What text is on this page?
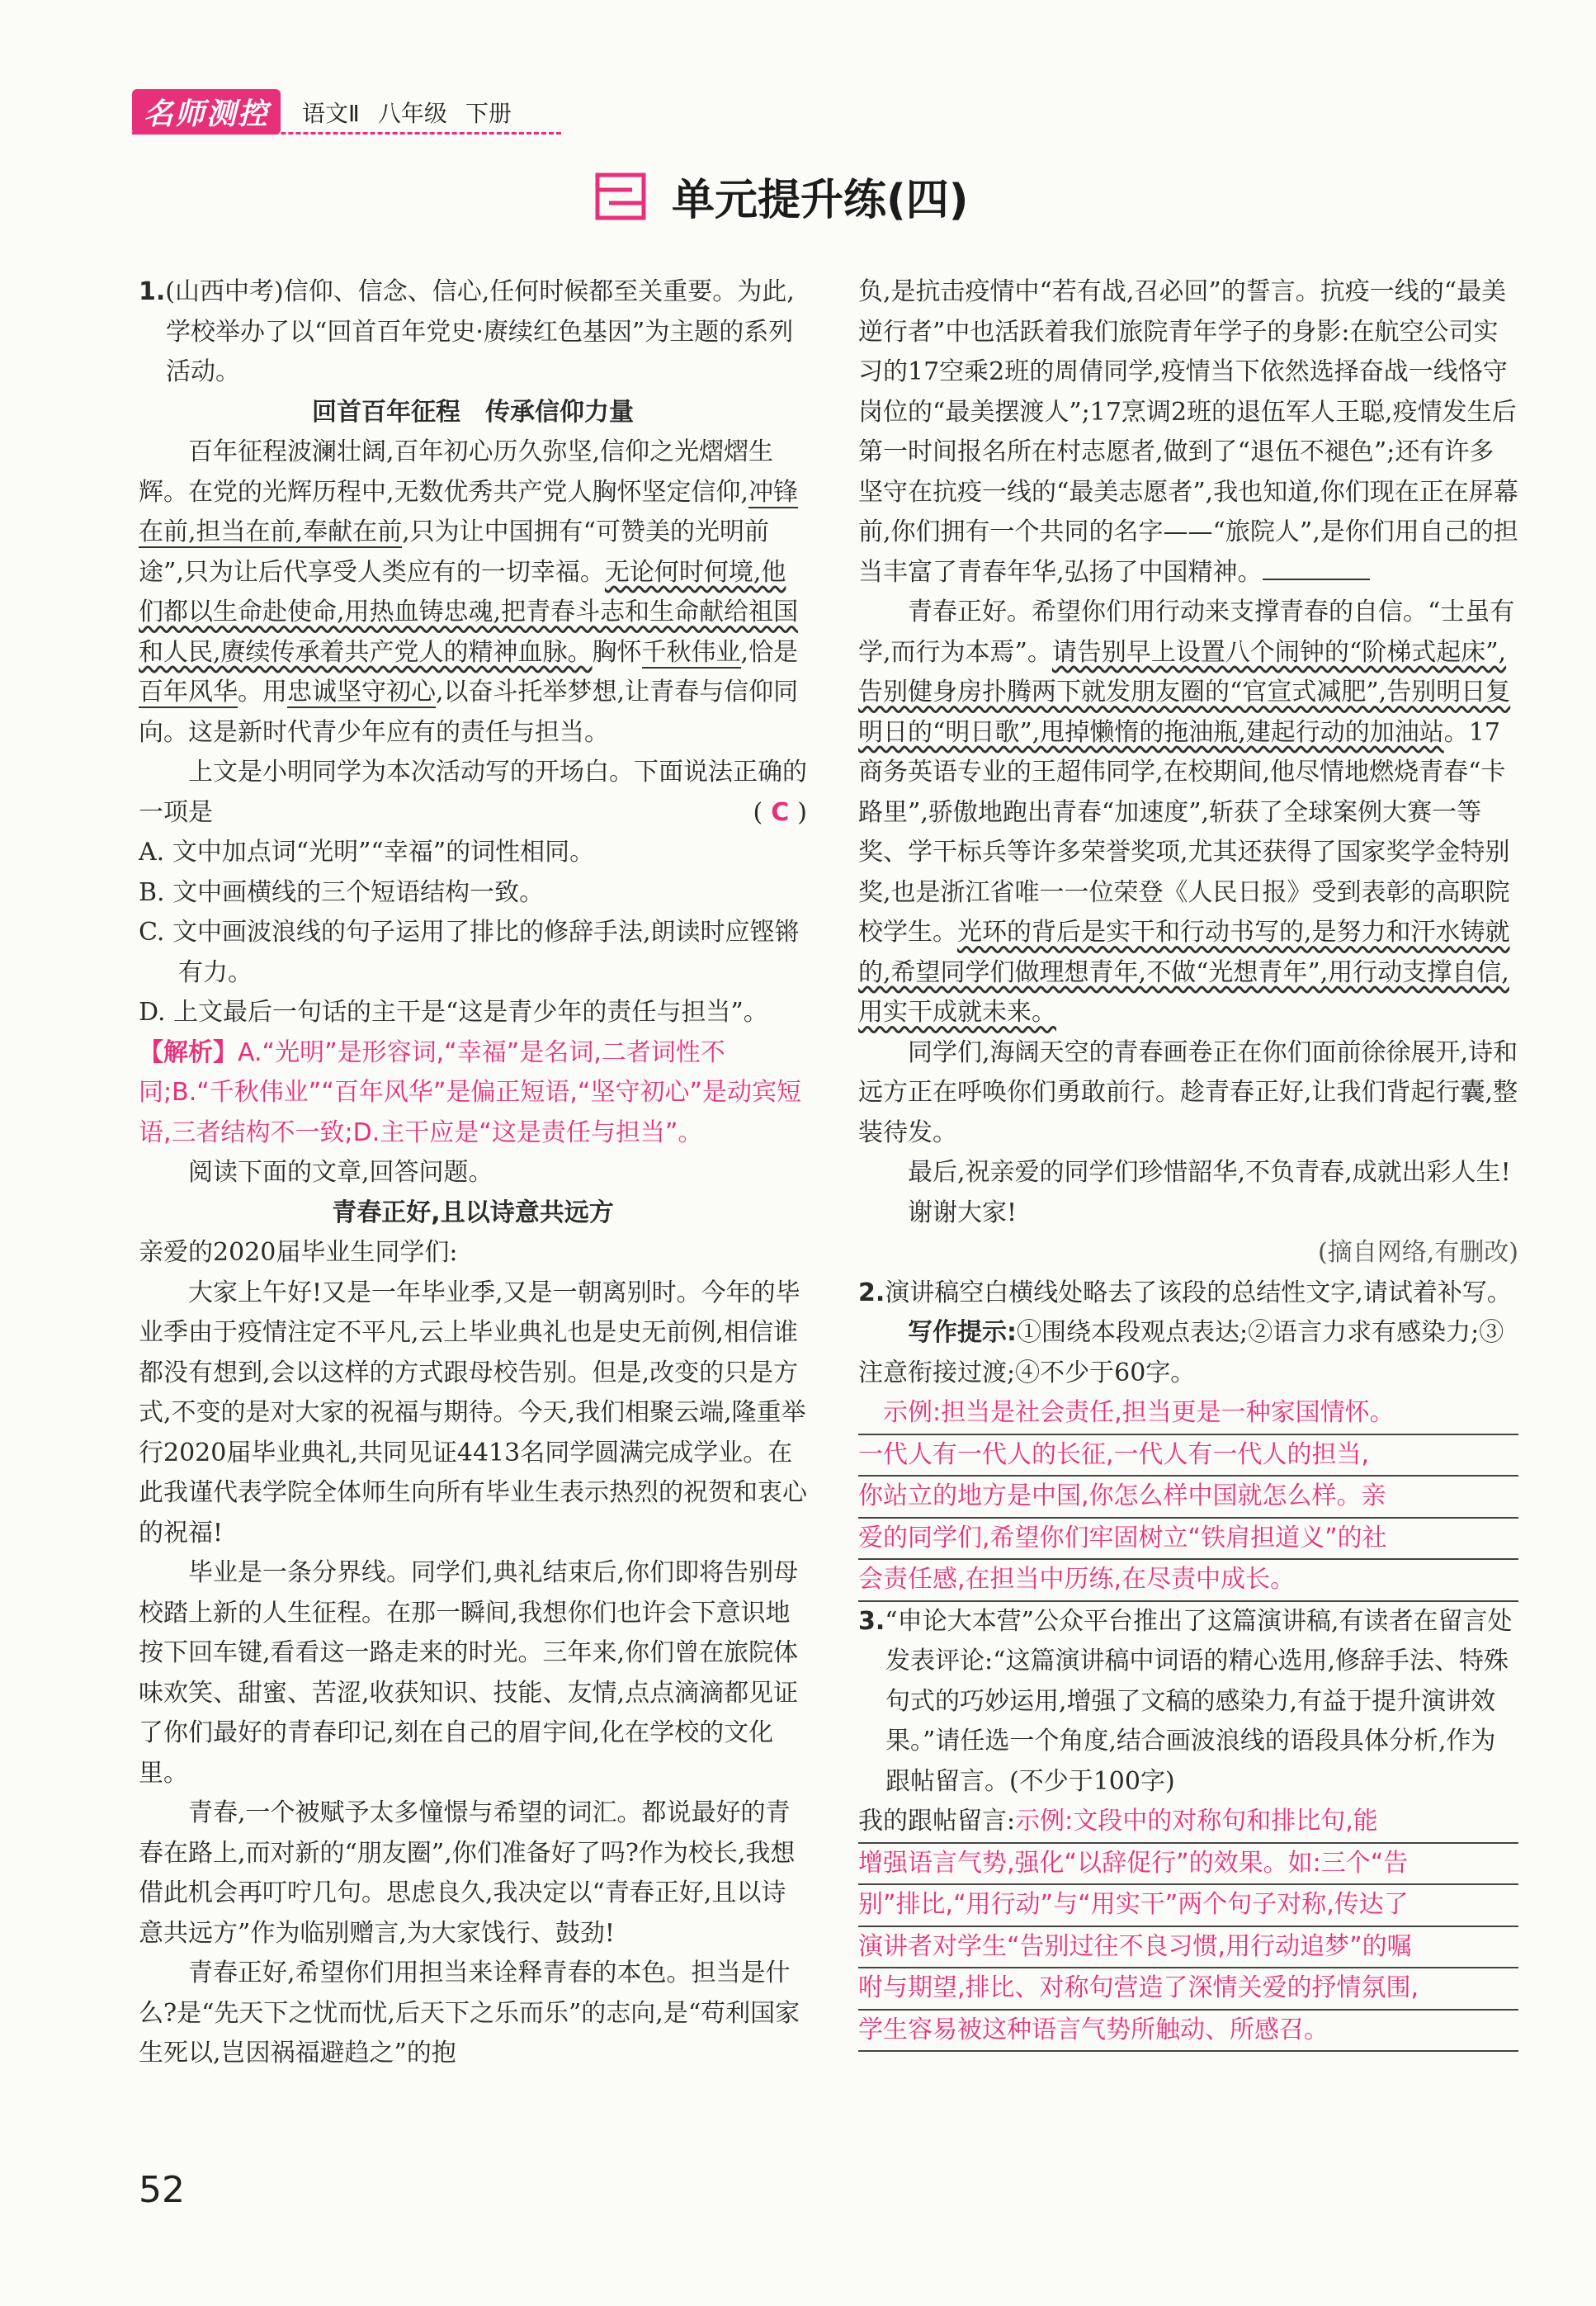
名师测控	语文Ⅱ 八年级 下册
单元提升练(四)

1.(山西中考)信仰、信念、信心,任何时候都至关重要。为此,学校举办了以“回首百年党史·赓续红色基因”为主题的系列活动。

回首百年征程　传承信仰力量

百年征程波澜壮阔,百年初心历久弥坚,信仰之光熠熠生辉。在党的光辉历程中,无数优秀共产党人胸怀坚定信仰,冲锋在前,担当在前,奉献在前,只为让中国拥有“可赞美的光明前途”,只为让后代享受人类应有的一切幸福。无论何时何境,他们都以生命赴使命,用热血铸忠魂,把青春斗志和生命献给祖国和人民,赓续传承着共产党人的精神血脉。胸怀千秋伟业,恰是百年风华。用忠诚坚守初心,以奋斗托举梦想,让青春与信仰同向。这是新时代青少年应有的责任与担当。

上文是小明同学为本次活动写的开场白。下面说法正确的一项是	( C )

A. 文中加点词“光明”“幸福”的词性相同。

B. 文中画横线的三个短语结构一致。

C. 文中画波浪线的句子运用了排比的修辞手法,朗读时应铿锵有力。

D. 上文最后一句话的主干是“这是青少年的责任与担当”。

【解析】A.“光明”是形容词,“幸福”是名词,二者词性不同;B.“千秋伟业”“百年风华”是偏正短语,“坚守初心”是动宾短语,三者结构不一致;D.主干应是“这是责任与担当”。

阅读下面的文章,回答问题。

青春正好,且以诗意共远方

亲爱的2020届毕业生同学们:

大家上午好!又是一年毕业季,又是一朝离别时。今年的毕业季由于疫情注定不平凡,云上毕业典礼也是史无前例,相信谁都没有想到,会以这样的方式跟母校告别。但是,改变的只是方式,不变的是对大家的祝福与期待。今天,我们相聚云端,隆重举行2020届毕业典礼,共同见证4413名同学圆满完成学业。在此我谨代表学院全体师生向所有毕业生表示热烈的祝贺和衷心的祝福!

毕业是一条分界线。同学们,典礼结束后,你们即将告别母校踏上新的人生征程。在那一瞬间,我想你们也许会下意识地按下回车键,看看这一路走来的时光。三年来,你们曾在旅院体味欢笑、甜蜜、苦涩,收获知识、技能、友情,点点滴滴都见证了你们最好的青春印记,刻在自己的眉宇间,化在学校的文化里。

青春,一个被赋予太多憧憬与希望的词汇。都说最好的青春在路上,而对新的“朋友圈”,你们准备好了吗?作为校长,我想借此机会再叮咛几句。思虑良久,我决定以“青春正好,且以诗意共远方”作为临别赠言,为大家饯行、鼓劲!

青春正好,希望你们用担当来诠释青春的本色。担当是什么?是“先天下之忧而忧,后天下之乐而乐”的志向,是“苟利国家生死以,岂因祸福避趋之”的抱

负,是抗击疫情中“若有战,召必回”的誓言。抗疫一线的“最美逆行者”中也活跃着我们旅院青年学子的身影:在航空公司实习的17空乘2班的周倩同学,疫情当下依然选择奋战一线恪守岗位的“最美摆渡人”;17烹调2班的退伍军人王聪,疫情发生后第一时间报名所在村志愿者,做到了“退伍不褪色”;还有许多坚守在抗疫一线的“最美志愿者”,我也知道,你们现在正在屏幕前,你们拥有一个共同的名字——“旅院人”,是你们用自己的担当丰富了青春年华,弘扬了中国精神。

青春正好。希望你们用行动来支撑青春的自信。“士虽有学,而行为本焉”。请告别早上设置八个闹钟的“阶梯式起床”,告别健身房扑腾两下就发朋友圈的“官宣式减肥”,告别明日复明日的“明日歌”,甩掉懒惰的拖油瓶,建起行动的加油站。17商务英语专业的王超伟同学,在校期间,他尽情地燃烧青春“卡路里”,骄傲地跑出青春“加速度”,斩获了全球案例大赛一等奖、学干标兵等许多荣誉奖项,尤其还获得了国家奖学金特别奖,也是浙江省唯一一位荣登《人民日报》受到表彰的高职院校学生。光环的背后是实干和行动书写的,是努力和汗水铸就的,希望同学们做理想青年,不做“光想青年”,用行动支撑自信,用实干成就未来。

同学们,海阔天空的青春画卷正在你们面前徐徐展开,诗和远方正在呼唤你们勇敢前行。趁青春正好,让我们背起行囊,整装待发。

最后,祝亲爱的同学们珍惜韶华,不负青春,成就出彩人生!

谢谢大家!

(摘自网络,有删改)

2.演讲稿空白横线处略去了该段的总结性文字,请试着补写。

写作提示:①围绕本段观点表达;②语言力求有感染力;③注意衔接过渡;④不少于60字。

示例:担当是社会责任,担当更是一种家国情怀。
一代人有一代人的长征,一代人有一代人的担当,
你站立的地方是中国,你怎么样中国就怎么样。亲
爱的同学们,希望你们牢固树立“铁肩担道义”的社
会责任感,在担当中历练,在尽责中成长。

3.“申论大本营”公众平台推出了这篇演讲稿,有读者在留言处发表评论:“这篇演讲稿中词语的精心选用,修辞手法、特殊句式的巧妙运用,增强了文稿的感染力,有益于提升演讲效果。”请任选一个角度,结合画波浪线的语段具体分析,作为跟帖留言。(不少于100字)

我的跟帖留言:示例:文段中的对称句和排比句,能
增强语言气势,强化“以辞促行”的效果。如:三个“告
别”排比,“用行动”与“用实干”两个句子对称,传达了
演讲者对学生“告别过往不良习惯,用行动追梦”的嘱
咐与期望,排比、对称句营造了深情关爱的抒情氛围,
学生容易被这种语言气势所触动、所感召。
52
